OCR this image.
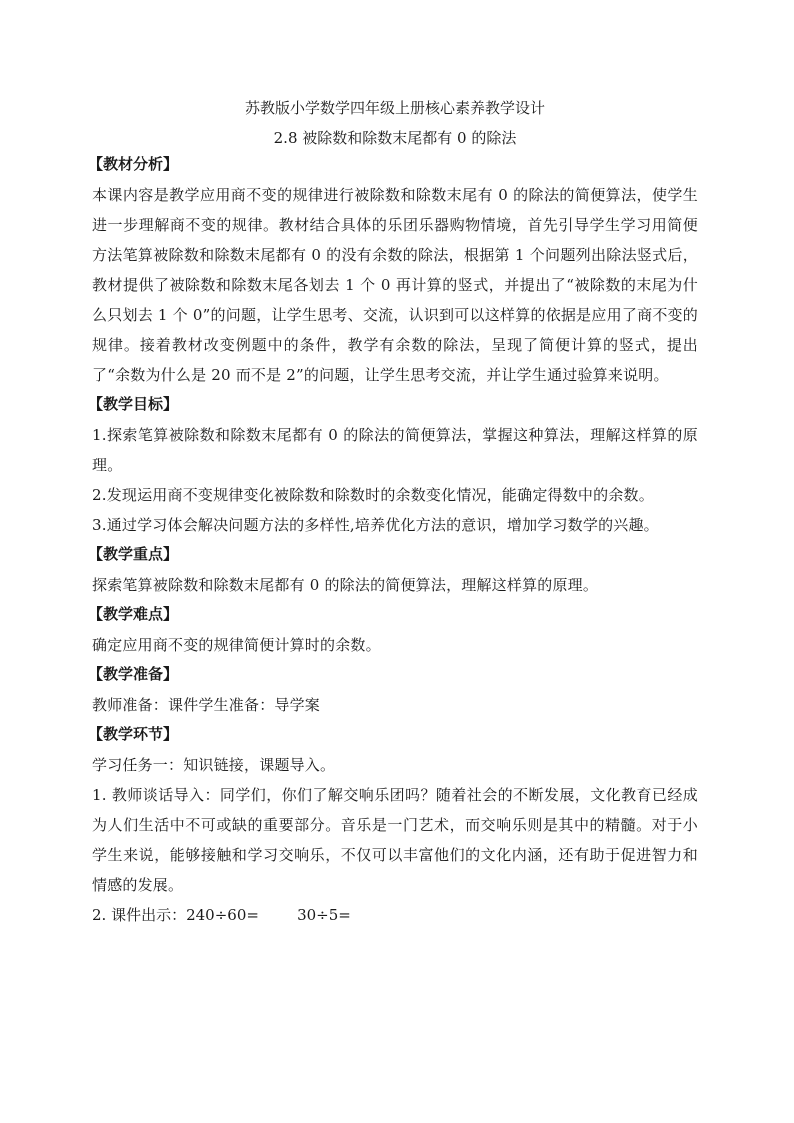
苏教版小学数学四年级上册核心素养教学设计

2.8 被除数和除数末尾都有 0 的除法

【教材分析】

本课内容是教学应用商不变的规律进行被除数和除数末尾有 0 的除法的简便算法，使学生进一步理解商不变的规律。教材结合具体的乐团乐器购物情境，首先引导学生学习用简便方法笔算被除数和除数末尾都有 0 的没有余数的除法，根据第 1 个问题列出除法竖式后，教材提供了被除数和除数末尾各划去 1 个 0 再计算的竖式，并提出了“被除数的末尾为什么只划去 1 个 0”的问题，让学生思考、交流，认识到可以这样算的依据是应用了商不变的规律。接着教材改变例题中的条件，教学有余数的除法，呈现了简便计算的竖式，提出了“余数为什么是 20 而不是 2”的问题，让学生思考交流，并让学生通过验算来说明。

【教学目标】

1.探索笔算被除数和除数末尾都有 0 的除法的简便算法，掌握这种算法，理解这样算的原理。

2.发现运用商不变规律变化被除数和除数时的余数变化情况，能确定得数中的余数。

3.通过学习体会解决问题方法的多样性,培养优化方法的意识，增加学习数学的兴趣。

【教学重点】

探索笔算被除数和除数末尾都有 0 的除法的简便算法，理解这样算的原理。

【教学难点】

确定应用商不变的规律简便计算时的余数。

【教学准备】

教师准备：课件学生准备：导学案

【教学环节】

学习任务一：知识链接，课题导入。

1. 教师谈话导入：同学们，你们了解交响乐团吗？随着社会的不断发展，文化教育已经成为人们生活中不可或缺的重要部分。音乐是一门艺术，而交响乐则是其中的精髓。对于小学生来说，能够接触和学习交响乐，不仅可以丰富他们的文化内涵，还有助于促进智力和情感的发展。

2. 课件出示：240÷60=        30÷5=
